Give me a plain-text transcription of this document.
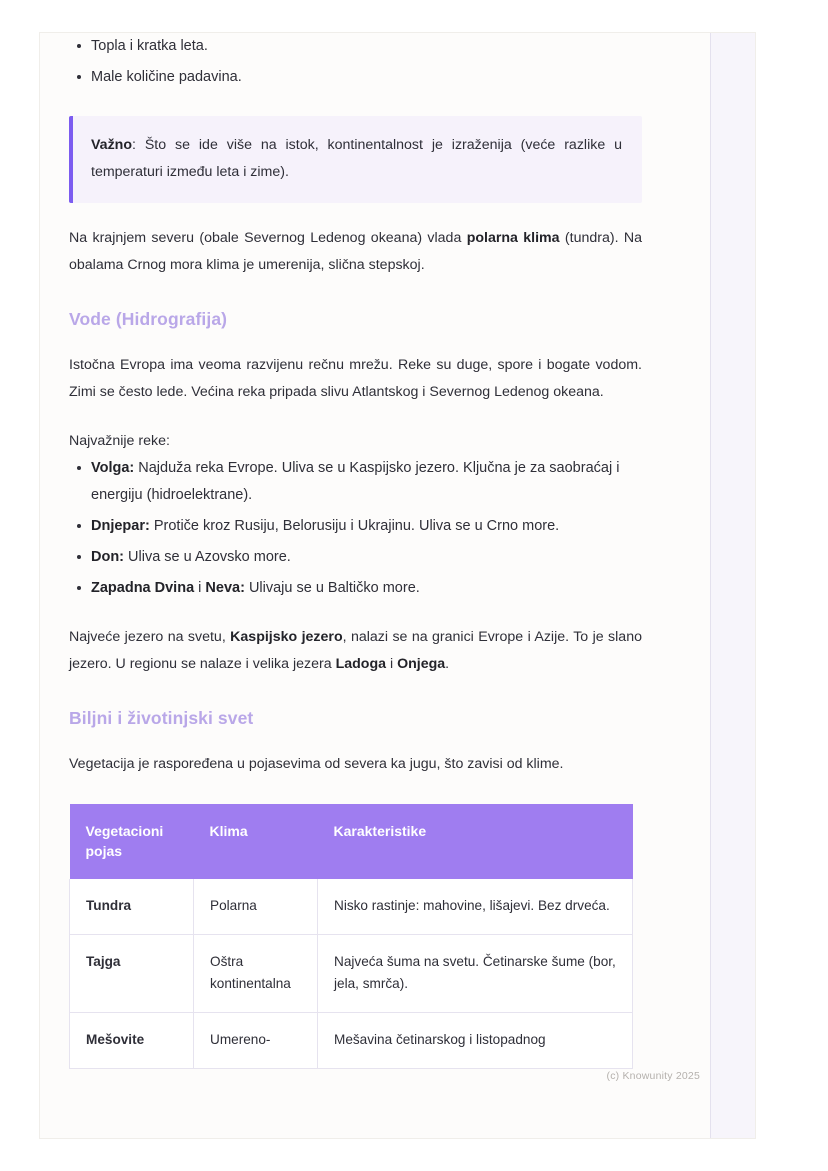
Topla i kratka leta.
Male količine padavina.

Važno: Što se ide više na istok, kontinentalnost je izraženija (veće razlike u temperaturi između leta i zime).

Na krajnjem severu (obale Severnog Ledenog okeana) vlada polarna klima (tundra). Na obalama Crnog mora klima je umerenija, slična stepskoj.

Vode (Hidrografija)

Istočna Evropa ima veoma razvijenu rečnu mrežu. Reke su duge, spore i bogate vodom. Zimi se često lede. Većina reka pripada slivu Atlantskog i Severnog Ledenog okeana.

Najvažnije reke:

Volga: Najduža reka Evrope. Uliva se u Kaspijsko jezero. Ključna je za saobraćaj i energiju (hidroelektrane).
Dnjepar: Protiče kroz Rusiju, Belorusiju i Ukrajinu. Uliva se u Crno more.
Don: Uliva se u Azovsko more.
Zapadna Dvina i Neva: Ulivaju se u Baltičko more.

Najveće jezero na svetu, Kaspijsko jezero, nalazi se na granici Evrope i Azije. To je slano jezero. U regionu se nalaze i velika jezera Ladoga i Onjega.

Biljni i životinjski svet

Vegetacija je raspoređena u pojasevima od severa ka jugu, što zavisi od klime.

Vegetacioni pojas	Klima	Karakteristike
Tundra	Polarna	Nisko rastinje: mahovine, lišajevi. Bez drveća.
Tajga	Oštra kontinentalna	Najveća šuma na svetu. Četinarske šume (bor, jela, smrča).
Mešovite	Umereno-	Mešavina četinarskog i listopadnog
(c) Knowunity 2025
